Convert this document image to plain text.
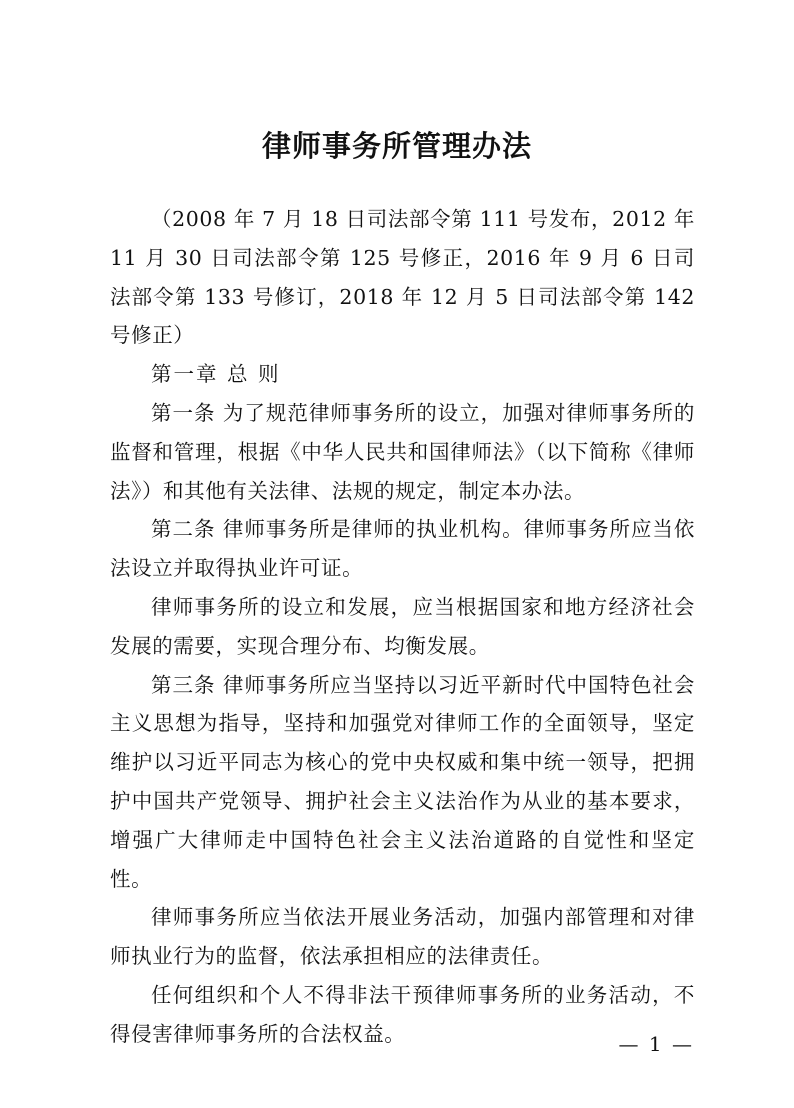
律师事务所管理办法

（2008 年 7 月 18 日司法部令第 111 号发布，2012 年 11 月 30 日司法部令第 125 号修正，2016 年 9 月 6 日司法部令第 133 号修订，2018 年 12 月 5 日司法部令第 142 号修正）

第一章 总 则

第一条 为了规范律师事务所的设立，加强对律师事务所的监督和管理，根据《中华人民共和国律师法》（以下简称《律师法》）和其他有关法律、法规的规定，制定本办法。

第二条 律师事务所是律师的执业机构。律师事务所应当依法设立并取得执业许可证。

律师事务所的设立和发展，应当根据国家和地方经济社会发展的需要，实现合理分布、均衡发展。

第三条 律师事务所应当坚持以习近平新时代中国特色社会主义思想为指导，坚持和加强党对律师工作的全面领导，坚定维护以习近平同志为核心的党中央权威和集中统一领导，把拥护中国共产党领导、拥护社会主义法治作为从业的基本要求，增强广大律师走中国特色社会主义法治道路的自觉性和坚定性。

律师事务所应当依法开展业务活动，加强内部管理和对律师执业行为的监督，依法承担相应的法律责任。

任何组织和个人不得非法干预律师事务所的业务活动，不得侵害律师事务所的合法权益。	— 1 —
